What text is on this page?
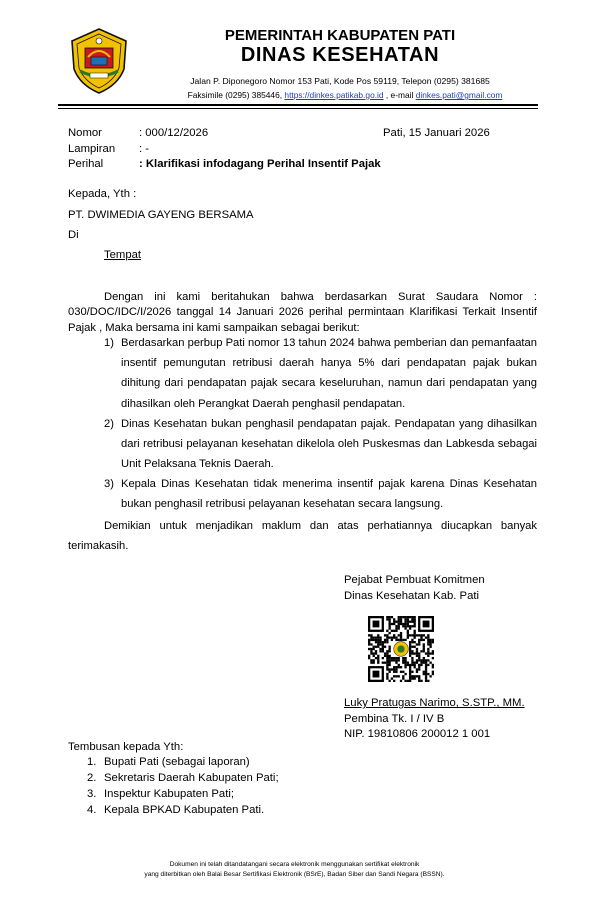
PEMERINTAH KABUPATEN PATI
DINAS KESEHATAN
Jalan P. Diponegoro Nomor 153 Pati, Kode Pos 59119, Telepon (0295) 381685
Faksimile (0295) 385446, https://dinkes.patikab.go.id , e-mail dinkes.pati@gmail.com
Nomor	: 000/12/2026	Pati, 15 Januari 2026
Lampiran : -
Perihal	: Klarifikasi infodagang Perihal Insentif Pajak
Kepada, Yth :
PT. DWIMEDIA GAYENG BERSAMA
Di
Tempat
Dengan ini kami beritahukan bahwa berdasarkan Surat Saudara Nomor : 030/DOC/IDC/I/2026 tanggal 14 Januari 2026 perihal permintaan Klarifikasi Terkait Insentif Pajak , Maka bersama ini kami sampaikan sebagai berikut:
1) Berdasarkan perbup Pati nomor 13 tahun 2024 bahwa pemberian dan pemanfaatan insentif pemungutan retribusi daerah hanya 5% dari pendapatan pajak bukan dihitung dari pendapatan pajak secara keseluruhan, namun dari pendapatan yang dihasilkan oleh Perangkat Daerah penghasil pendapatan.
2) Dinas Kesehatan bukan penghasil pendapatan pajak. Pendapatan yang dihasilkan dari retribusi pelayanan kesehatan dikelola oleh Puskesmas dan Labkesda sebagai Unit Pelaksana Teknis Daerah.
3) Kepala Dinas Kesehatan tidak menerima insentif pajak karena Dinas Kesehatan bukan penghasil retribusi pelayanan kesehatan secara langsung.
Demikian untuk menjadikan maklum dan atas perhatiannya diucapkan banyak terimakasih.
Pejabat Pembuat Komitmen
Dinas Kesehatan Kab. Pati
Luky Pratugas Narimo, S.STP., MM.
Pembina Tk. I / IV B
NIP. 19810806 200012 1 001
Tembusan kepada Yth:
1. Bupati Pati (sebagai laporan)
2. Sekretaris Daerah Kabupaten Pati;
3. Inspektur Kabupaten Pati;
4. Kepala BPKAD Kabupaten Pati.
Dokumen ini telah ditandatangani secara elektronik menggunakan sertifikat elektronik
yang diterbitkan oleh Balai Besar Sertifikasi Elektronik (BSrE), Badan Siber dan Sandi Negara (BSSN).
